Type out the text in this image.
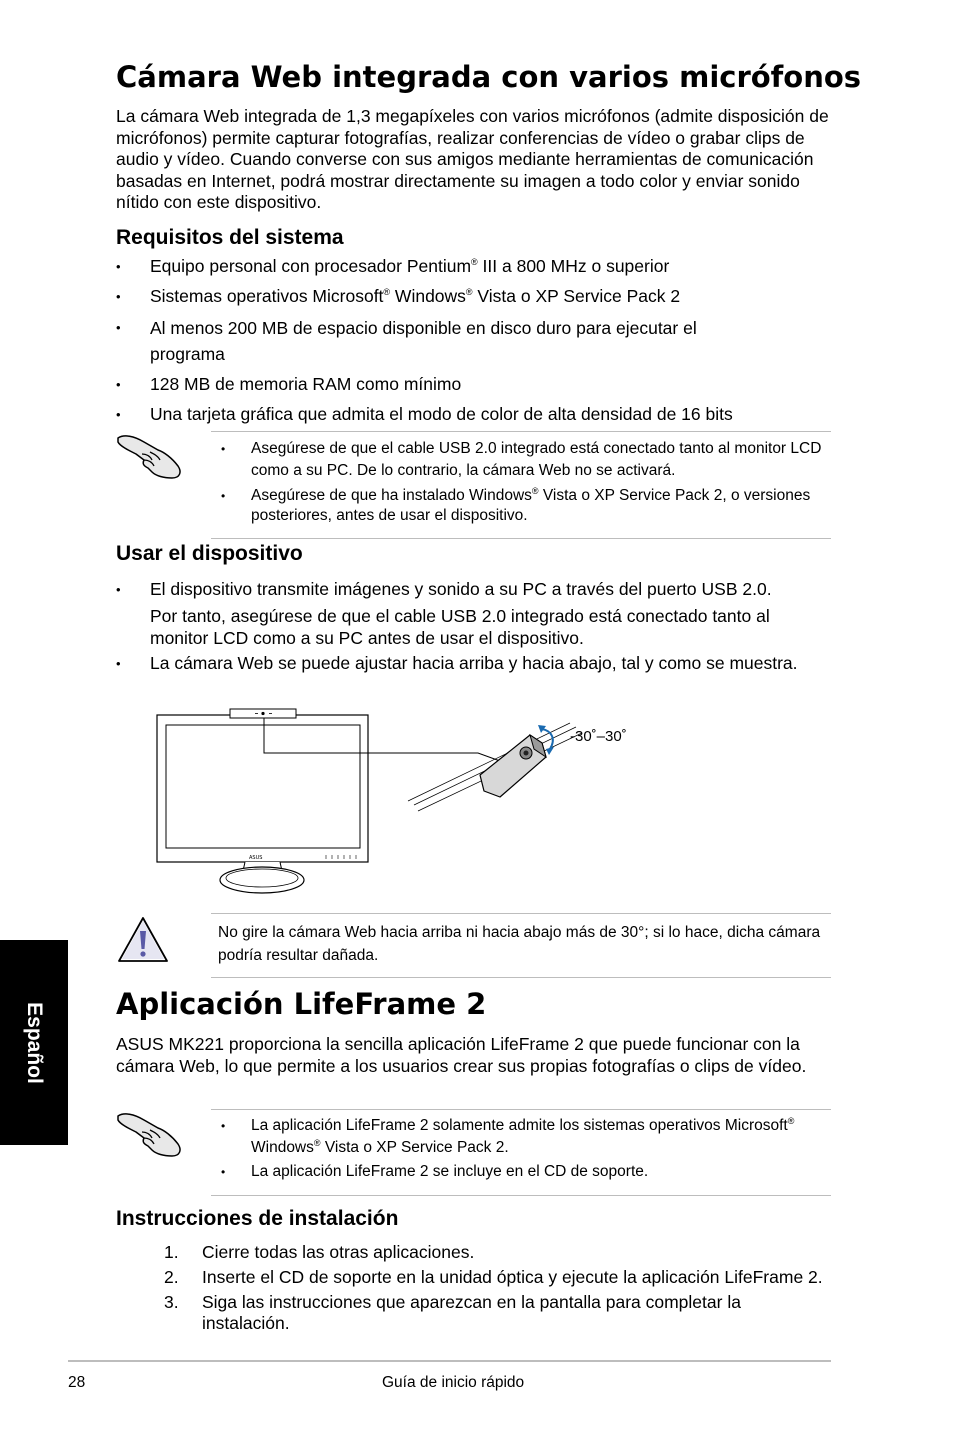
Cámara Web integrada con varios micrófonos

La cámara Web integrada de 1,3 megapíxeles con varios micrófonos (admite disposición de micrófonos) permite capturar fotografías, realizar conferencias de vídeo o grabar clips de audio y vídeo. Cuando converse con sus amigos mediante herramientas de comunicación basadas en Internet, podrá mostrar directamente su imagen a todo color y enviar sonido nítido con este dispositivo.

Requisitos del sistema
• Equipo personal con procesador Pentium® III a 800 MHz o superior
• Sistemas operativos Microsoft® Windows® Vista o XP Service Pack 2
• Al menos 200 MB de espacio disponible en disco duro para ejecutar el programa
• 128 MB de memoria RAM como mínimo
• Una tarjeta gráfica que admita el modo de color de alta densidad de 16 bits
• Asegúrese de que el cable USB 2.0 integrado está conectado tanto al monitor LCD como a su PC. De lo contrario, la cámara Web no se activará.
• Asegúrese de que ha instalado Windows® Vista o XP Service Pack 2, o versiones posteriores, antes de usar el dispositivo.
Usar el dispositivo
• El dispositivo transmite imágenes y sonido a su PC a través del puerto USB 2.0.

Por tanto, asegúrese de que el cable USB 2.0 integrado está conectado tanto al monitor LCD como a su PC antes de usar el dispositivo.

• La cámara Web se puede ajustar hacia arriba y hacia abajo, tal y como se muestra.
ASUS
-30˚–30˚

No gire la cámara Web hacia arriba ni hacia abajo más de 30°; si lo hace, dicha cámara podría resultar dañada.

Aplicación LifeFrame 2

ASUS MK221 proporciona la sencilla aplicación LifeFrame 2 que puede funcionar con la cámara Web, lo que permite a los usuarios crear sus propias fotografías o clips de vídeo.

• La aplicación LifeFrame 2 solamente admite los sistemas operativos Microsoft® Windows® Vista o XP Service Pack 2.
• La aplicación LifeFrame 2 se incluye en el CD de soporte.
Instrucciones de instalación
1. Cierre todas las otras aplicaciones.
2. Inserte el CD de soporte en la unidad óptica y ejecute la aplicación LifeFrame 2.
3. Siga las instrucciones que aparezcan en la pantalla para completar la instalación.
Español
28	Guía de inicio rápido
